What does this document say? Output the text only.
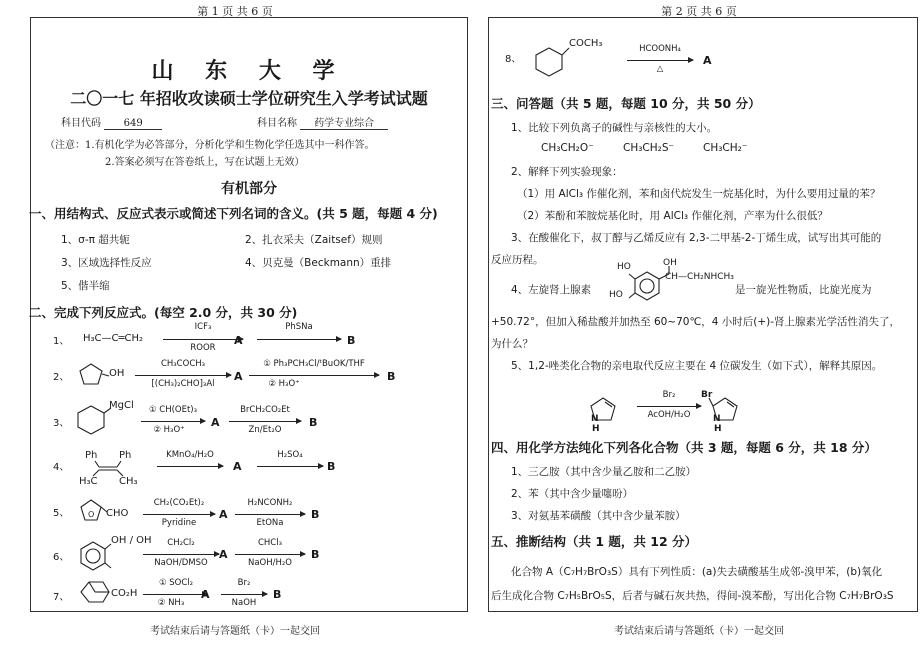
第 1 页 共 6 页
山 东 大 学
二〇一七 年招收攻读硕士学位研究生入学考试试题
科目代码 649	科目名称 药学专业综合
（注意：1.有机化学为必答部分，分析化学和生物化学任选其中一科作答。
2.答案必须写在答卷纸上，写在试题上无效）
有机部分
一、用结构式、反应式表示或简述下列名词的含义。(共 5 题，每题 4 分)
1、σ-π 超共轭	2、扎衣采夫（Zaitsef）规则
3、区域选择性反应	4、贝克曼（Beckmann）重排
5、偕半缩
二、完成下列反应式。(每空 2.0 分，共 30 分)
1、 H₃C—C═CH₂
ICF₃
ROOR
A
PhSNa
B
2、	OH
CH₃COCH₃
[(CH₃)₂CHO]₃Al
A
① Ph₃PCH₃Cl/ᵗBuOK/THF
② H₃O⁺
B
3、
MgCl	① CH(OEt)₃
② H₃O⁺
A
BrCH₂CO₂Et
Zn/Et₂O
B
4、
Ph Ph
H₃C CH₃
KMnO₄/H₂O
A
H₂SO₄
B
5、 O CHO
CH₂(CO₂Et)₂
Pyridine
A
H₂NCONH₂
EtONa
B
6、
OH / OH	CH₂Cl₂
NaOH/DMSO
A
CHCl₃
NaOH/H₂O
B
7、	CO₂H
① SOCl₂
② NH₃
A
Br₂
NaOH
B
考试结束后请与答题纸（卡）一起交回
第 2 页 共 6 页
8、
COCH₃	HCOONH₄
△
A
三、问答题（共 5 题，每题 10 分，共 50 分）
1、比较下列负离子的碱性与亲核性的大小。
CH₃CH₂O⁻	CH₃CH₂S⁻	CH₃CH₂⁻
2、解释下列实验现象：
（1）用 AlCl₃ 作催化剂，苯和卤代烷发生一烷基化时，为什么要用过量的苯？
（2）苯酚和苯胺烷基化时，用 AlCl₃ 作催化剂，产率为什么很低？
3、在酸催化下，叔丁醇与乙烯反应有 2,3-二甲基-2-丁烯生成，试写出其可能的
反应历程。
4、左旋肾上腺素
HO
HO
OH
CH—CH₂NHCH₃
是一旋光性物质，比旋光度为
+50.72°，但加入稀盐酸并加热至 60~70℃，4 小时后(+)-肾上腺素光学活性消失了，
为什么？
5、1,2-唑类化合物的亲电取代反应主要在 4 位碳发生（如下式），解释其原因。
N
H
Br₂
AcOH/H₂O
Br
N
H
四、用化学方法纯化下列各化合物（共 3 题，每题 6 分，共 18 分）
1、三乙胺（其中含少量乙胺和二乙胺）
2、苯（其中含少量噻吩）
3、对氨基苯磺酸（其中含少量苯胺）
五、推断结构（共 1 题，共 12 分）
化合物 A（C₇H₇BrO₃S）具有下列性质：(a)失去磺酸基生成邻-溴甲苯，(b)氧化
后生成化合物 C₇H₅BrO₅S，后者与碱石灰共热，得间-溴苯酚，写出化合物 C₇H₇BrO₃S
考试结束后请与答题纸（卡）一起交回
